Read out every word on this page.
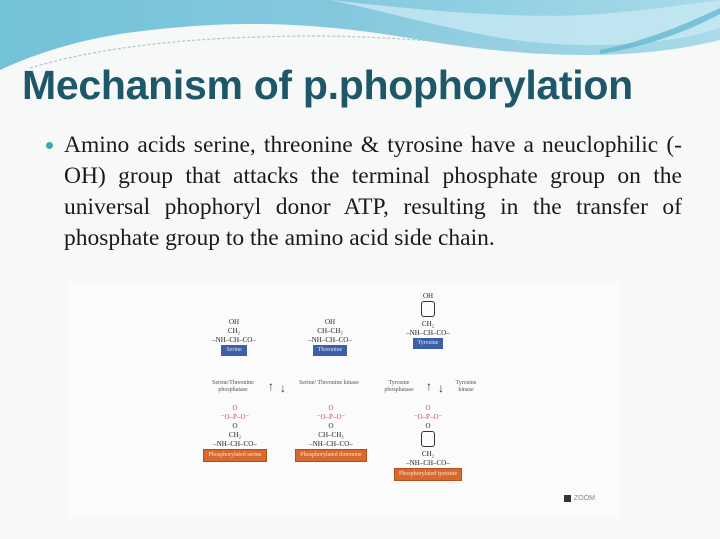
Mechanism of p.phophorylation

Amino acids serine, threonine & tyrosine have a neuclophilic (-OH) group that attacks the terminal phosphate group on the universal phophoryl donor ATP, resulting in the transfer of phosphate group to the amino acid side chain.

OH
CH₂
–NH–CH–CO–
Serine
OH
CH–CH₃
–NH–CH–CO–
Threonine
OH
CH₂
–NH–CH–CO–
Tyrosine
Serine/Threonine phosphatase	↑ ↓	Serine/ Threonine kinase	Tyrosine phosphatase	↑ ↓	Tyrosine kinase
O
⁻O–P–O⁻
O
CH₂
–NH–CH–CO–
Phosphorylated serine
O
⁻O–P–O⁻
O
CH–CH₃
–NH–CH–CO–
Phosphorylated threonine
O
⁻O–P–O⁻
O
CH₂
–NH–CH–CO–
Phosphorylated tyrosine
ZOOM
